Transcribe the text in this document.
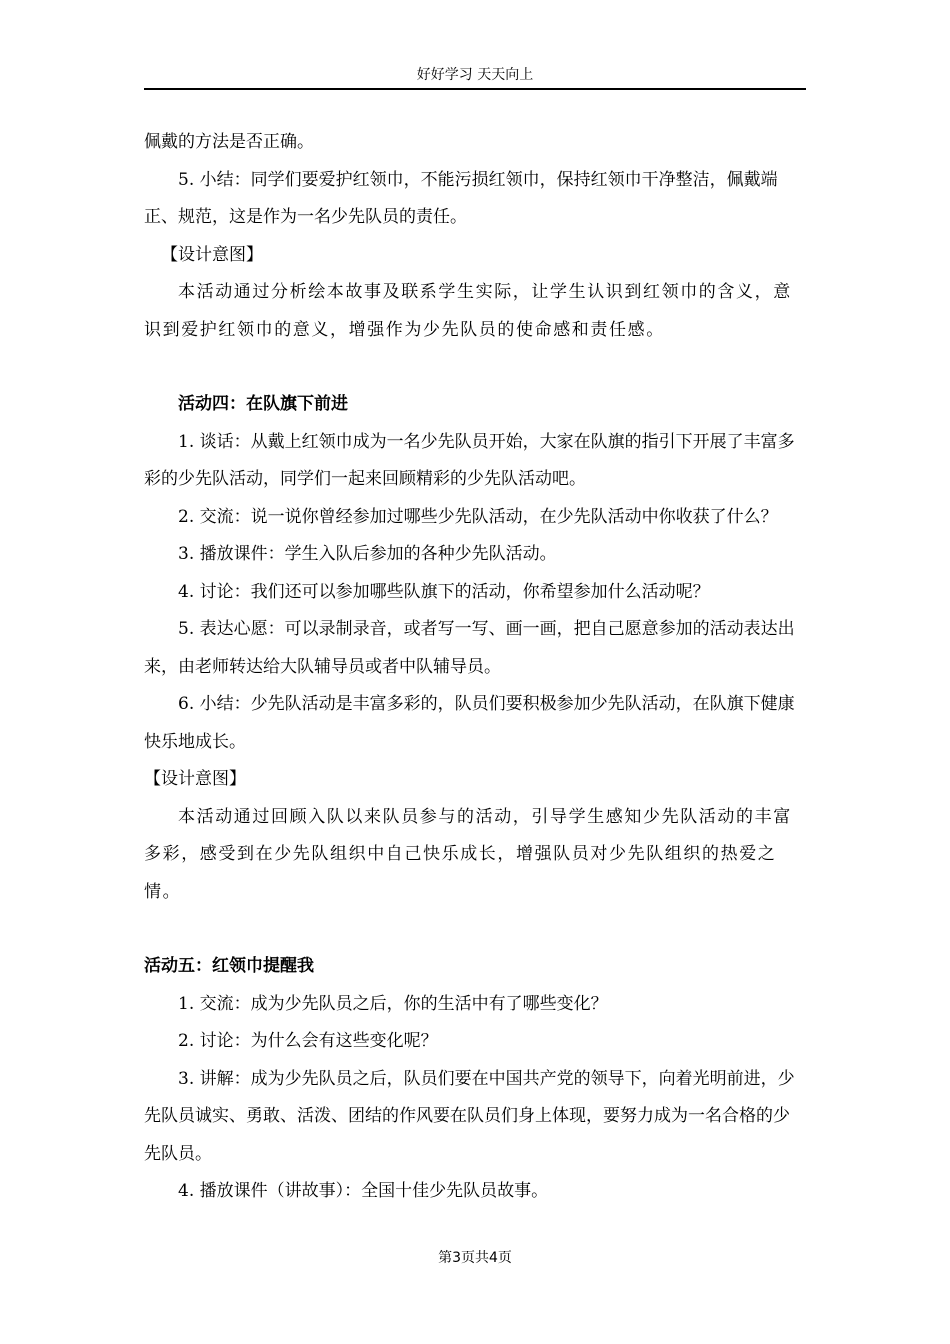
好好学习 天天向上

佩戴的方法是否正确。

5. 小结：同学们要爱护红领巾，不能污损红领巾，保持红领巾干净整洁，佩戴端正、规范，这是作为一名少先队员的责任。

【设计意图】

本活动通过分析绘本故事及联系学生实际，让学生认识到红领巾的含义，意识到爱护红领巾的意义，增强作为少先队员的使命感和责任感。

活动四：在队旗下前进

1. 谈话：从戴上红领巾成为一名少先队员开始，大家在队旗的指引下开展了丰富多彩的少先队活动，同学们一起来回顾精彩的少先队活动吧。

2. 交流：说一说你曾经参加过哪些少先队活动，在少先队活动中你收获了什么？

3. 播放课件：学生入队后参加的各种少先队活动。

4. 讨论：我们还可以参加哪些队旗下的活动，你希望参加什么活动呢？

5. 表达心愿：可以录制录音，或者写一写、画一画，把自己愿意参加的活动表达出来，由老师转达给大队辅导员或者中队辅导员。

6. 小结：少先队活动是丰富多彩的，队员们要积极参加少先队活动，在队旗下健康快乐地成长。

【设计意图】

本活动通过回顾入队以来队员参与的活动，引导学生感知少先队活动的丰富多彩，感受到在少先队组织中自己快乐成长，增强队员对少先队组织的热爱之情。

活动五：红领巾提醒我

1. 交流：成为少先队员之后，你的生活中有了哪些变化？

2. 讨论：为什么会有这些变化呢？

3. 讲解：成为少先队员之后，队员们要在中国共产党的领导下，向着光明前进，少先队员诚实、勇敢、活泼、团结的作风要在队员们身上体现，要努力成为一名合格的少先队员。

4. 播放课件（讲故事）：全国十佳少先队员故事。

第3页共4页
